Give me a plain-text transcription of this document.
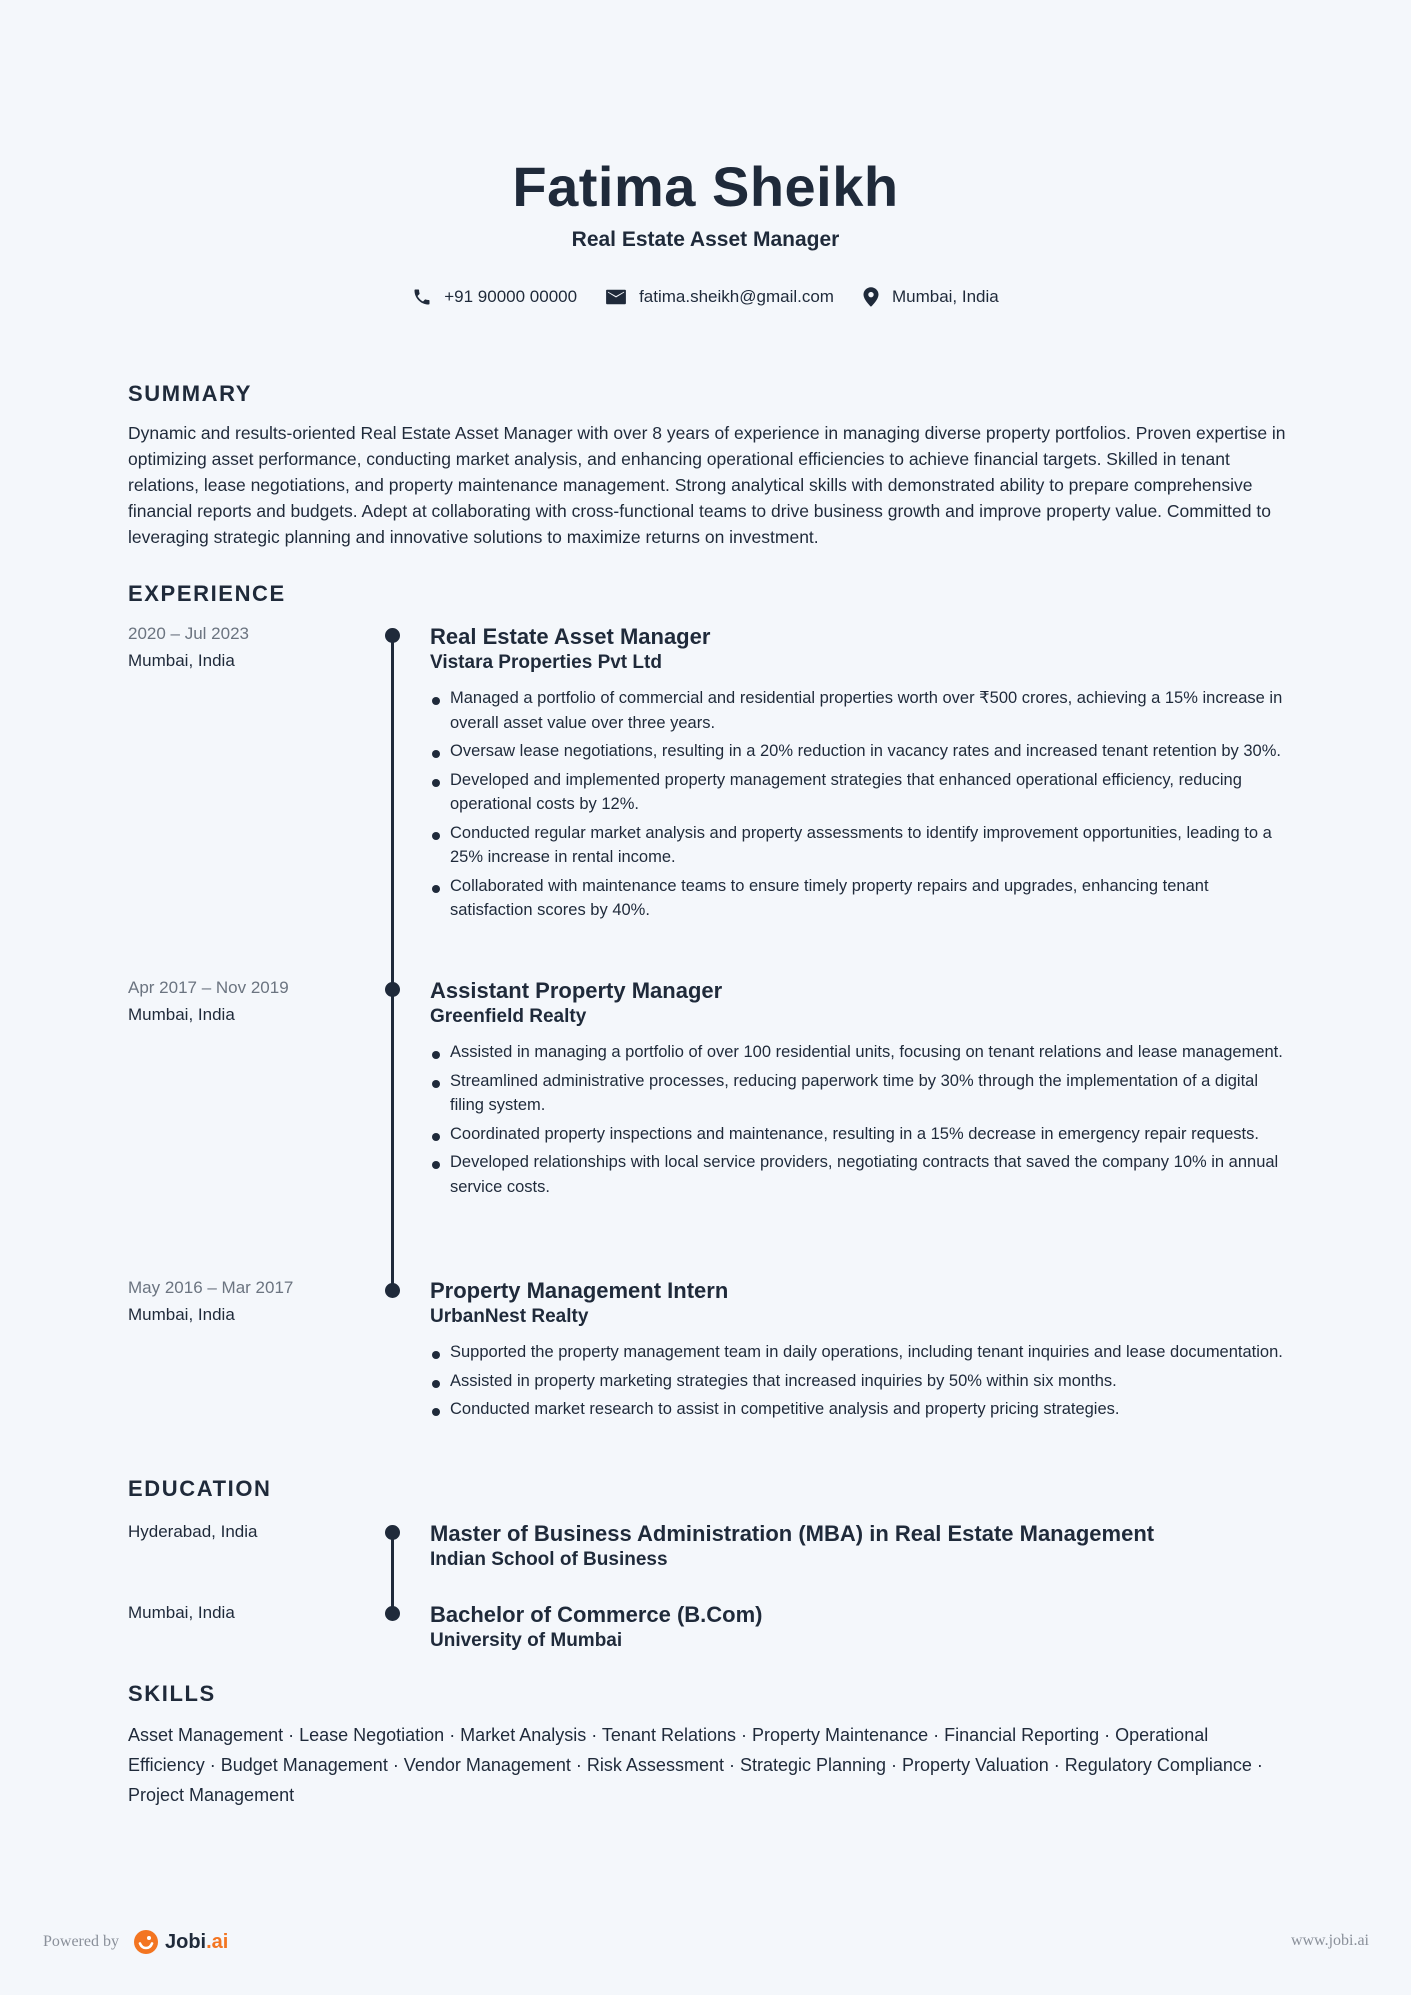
Fatima Sheikh
Real Estate Asset Manager
+91 90000 00000	fatima.sheikh@gmail.com	Mumbai, India
SUMMARY
Dynamic and results-oriented Real Estate Asset Manager with over 8 years of experience in managing diverse property portfolios. Proven expertise in optimizing asset performance, conducting market analysis, and enhancing operational efficiencies to achieve financial targets. Skilled in tenant relations, lease negotiations, and property maintenance management. Strong analytical skills with demonstrated ability to prepare comprehensive financial reports and budgets. Adept at collaborating with cross-functional teams to drive business growth and improve property value. Committed to leveraging strategic planning and innovative solutions to maximize returns on investment.
EXPERIENCE
2020 – Jul 2023
Mumbai, India
Real Estate Asset Manager
Vistara Properties Pvt Ltd
Managed a portfolio of commercial and residential properties worth over ₹500 crores, achieving a 15% increase in overall asset value over three years.
Oversaw lease negotiations, resulting in a 20% reduction in vacancy rates and increased tenant retention by 30%.
Developed and implemented property management strategies that enhanced operational efficiency, reducing operational costs by 12%.
Conducted regular market analysis and property assessments to identify improvement opportunities, leading to a 25% increase in rental income.
Collaborated with maintenance teams to ensure timely property repairs and upgrades, enhancing tenant satisfaction scores by 40%.
Apr 2017 – Nov 2019
Mumbai, India
Assistant Property Manager
Greenfield Realty
Assisted in managing a portfolio of over 100 residential units, focusing on tenant relations and lease management.
Streamlined administrative processes, reducing paperwork time by 30% through the implementation of a digital filing system.
Coordinated property inspections and maintenance, resulting in a 15% decrease in emergency repair requests.
Developed relationships with local service providers, negotiating contracts that saved the company 10% in annual service costs.
May 2016 – Mar 2017
Mumbai, India
Property Management Intern
UrbanNest Realty
Supported the property management team in daily operations, including tenant inquiries and lease documentation.
Assisted in property marketing strategies that increased inquiries by 50% within six months.
Conducted market research to assist in competitive analysis and property pricing strategies.
EDUCATION
Hyderabad, India	Master of Business Administration (MBA) in Real Estate Management
Indian School of Business
Mumbai, India	Bachelor of Commerce (B.Com)
University of Mumbai
SKILLS
Asset Management · Lease Negotiation · Market Analysis · Tenant Relations · Property Maintenance · Financial Reporting · Operational Efficiency · Budget Management · Vendor Management · Risk Assessment · Strategic Planning · Property Valuation · Regulatory Compliance · Project Management
Powered by Jobi .ai	www.jobi.ai
